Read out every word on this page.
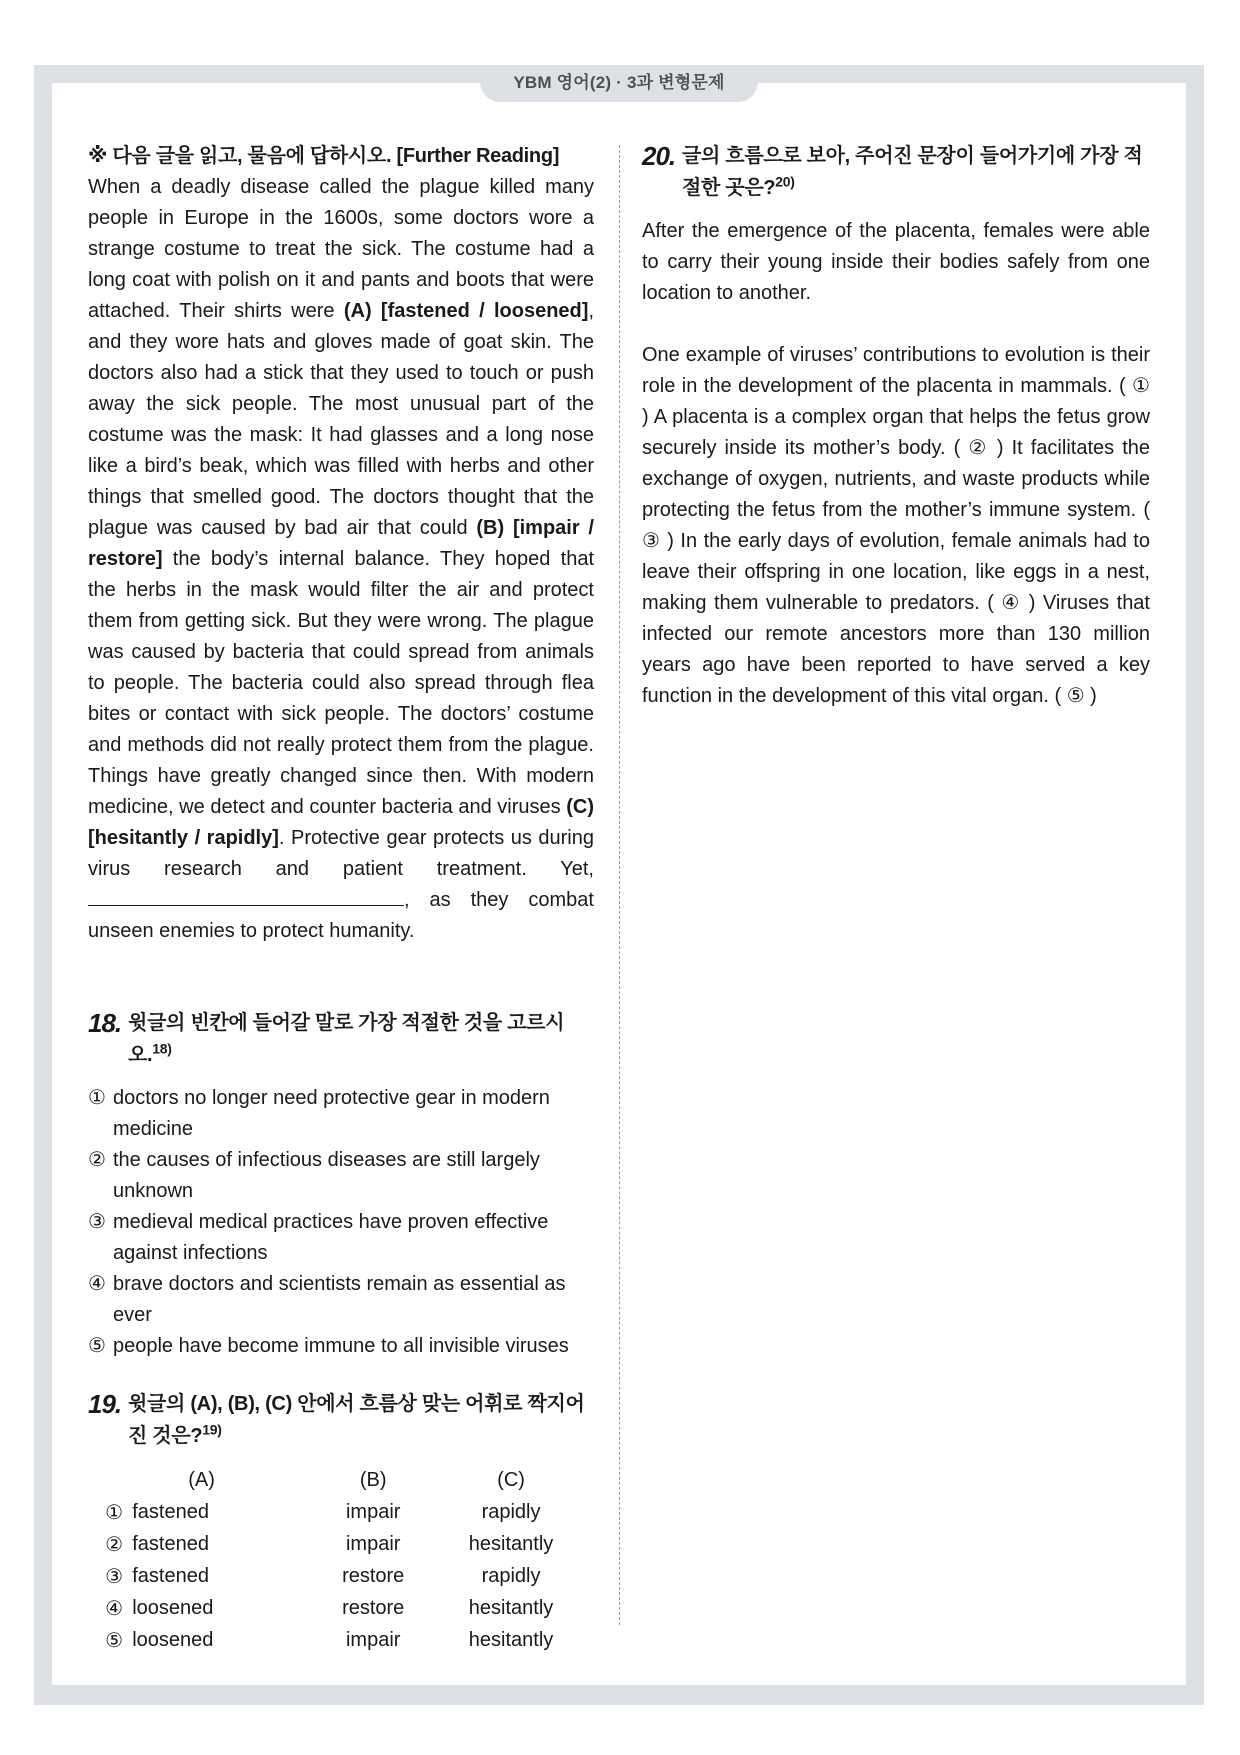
YBM 영어(2) · 3과 변형문제
※ 다음 글을 읽고, 물음에 답하시오. [Further Reading]

When a deadly disease called the plague killed many people in Europe in the 1600s, some doctors wore a strange costume to treat the sick. The costume had a long coat with polish on it and pants and boots that were attached. Their shirts were (A) [fastened / loosened], and they wore hats and gloves made of goat skin. The doctors also had a stick that they used to touch or push away the sick people. The most unusual part of the costume was the mask: It had glasses and a long nose like a bird’s beak, which was filled with herbs and other things that smelled good. The doctors thought that the plague was caused by bad air that could (B) [impair / restore] the body’s internal balance. They hoped that the herbs in the mask would filter the air and protect them from getting sick. But they were wrong. The plague was caused by bacteria that could spread from animals to people. The bacteria could also spread through flea bites or contact with sick people. The doctors’ costume and methods did not really protect them from the plague. Things have greatly changed since then. With modern medicine, we detect and counter bacteria and viruses (C) [hesitantly / rapidly]. Protective gear protects us during virus research and patient treatment. Yet, , as they combat unseen enemies to protect humanity.

18. 윗글의 빈칸에 들어갈 말로 가장 적절한 것을 고르시오.$^{18)}$
① doctors no longer need protective gear in modern medicine
② the causes of infectious diseases are still largely unknown
③ medieval medical practices have proven effective against infections
④ brave doctors and scientists remain as essential as ever
⑤ people have become immune to all invisible viruses
19. 윗글의 (A), (B), (C) 안에서 흐름상 맞는 어휘로 짝지어진 것은?$^{19)}$
	(A)	(B)	(C)
①	fastened	impair	rapidly
②	fastened	impair	hesitantly
③	fastened	restore	rapidly
④	loosened	restore	hesitantly
⑤	loosened	impair	hesitantly
20. 글의 흐름으로 보아, 주어진 문장이 들어가기에 가장 적절한 곳은?$^{20)}$

After the emergence of the placenta, females were able to carry their young inside their bodies safely from one location to another.

One example of viruses’ contributions to evolution is their role in the development of the placenta in mammals. ( ① ) A placenta is a complex organ that helps the fetus grow securely inside its mother’s body. ( ② ) It facilitates the exchange of oxygen, nutrients, and waste products while protecting the fetus from the mother’s immune system. ( ③ ) In the early days of evolution, female animals had to leave their offspring in one location, like eggs in a nest, making them vulnerable to predators. ( ④ ) Viruses that infected our remote ancestors more than 130 million years ago have been reported to have served a key function in the development of this vital organ. ( ⑤ )
